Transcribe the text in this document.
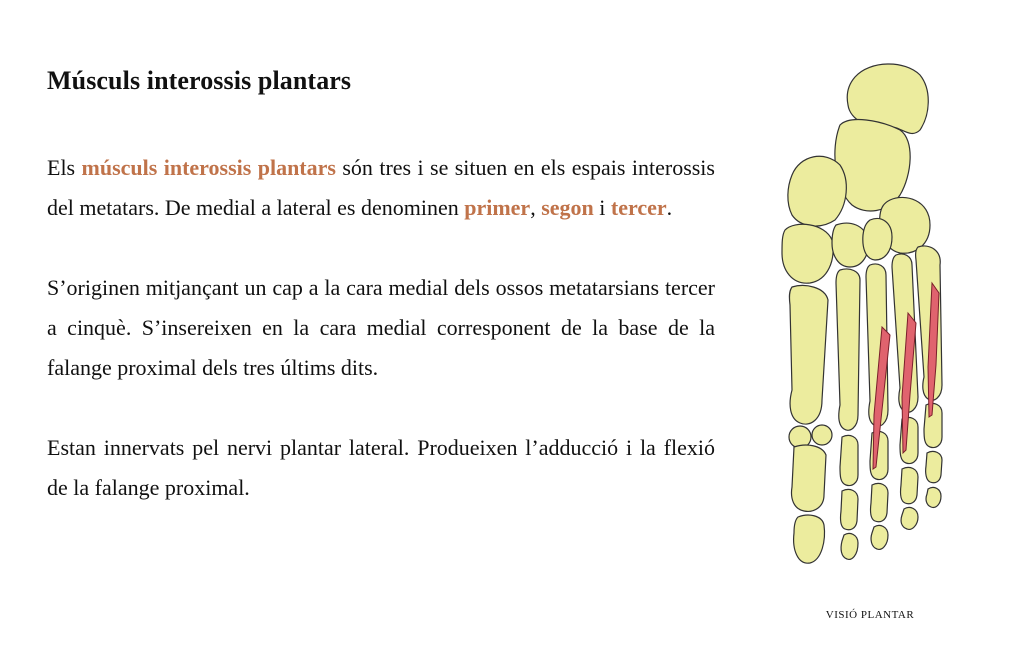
Músculs interossis plantars

Els músculs interossis plantars són tres i se situen en els espais interossis del metatars. De medial a lateral es denominen primer, segon i tercer.

S’originen mitjançant un cap a la cara medial dels ossos metatarsians tercer a cinquè. S’insereixen en la cara medial corresponent de la base de la falange proximal dels tres últims dits.

Estan innervats pel nervi plantar lateral. Produeixen l’adducció i la flexió de la falange proximal.

VISIÓ PLANTAR
